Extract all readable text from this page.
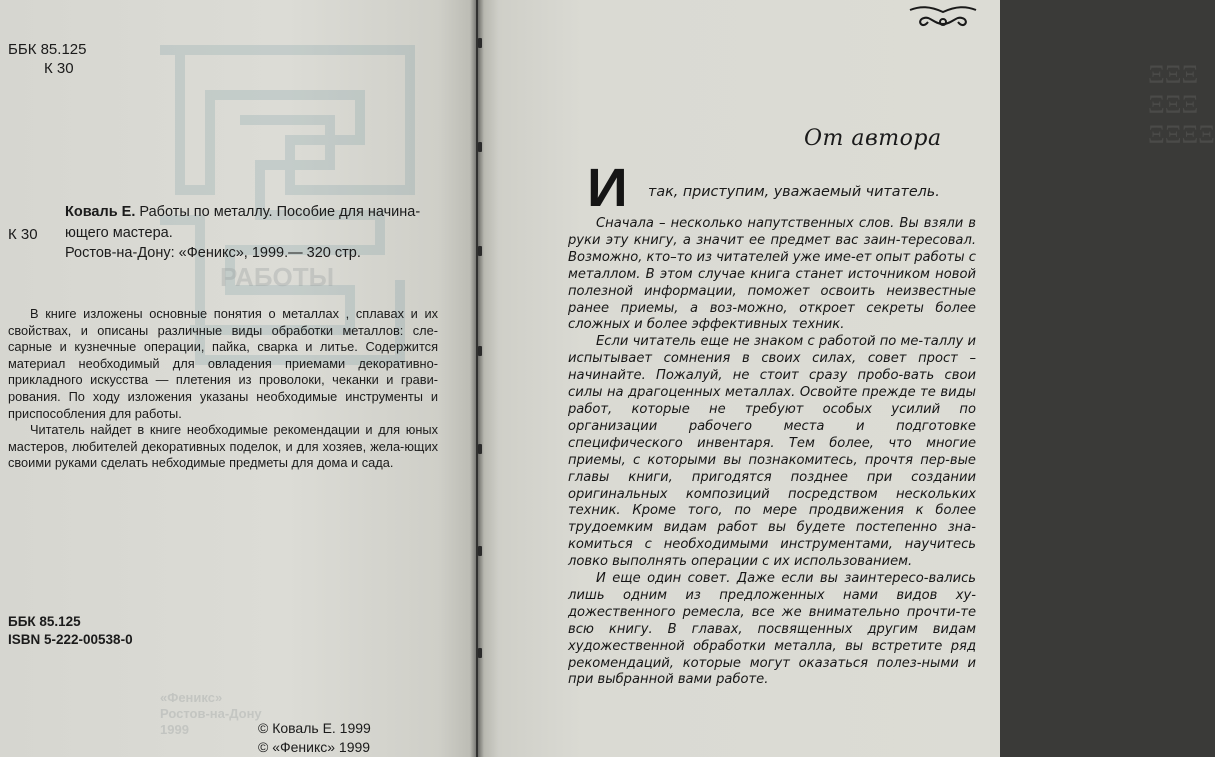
РАБОТЫ
«Феникс»
Ростов-на-Дону
1999
ББК 85.125
К 30
К 30
Коваль Е. Работы по металлу. Пособие для начина-
ющего мастера.
Ростов-на-Дону: «Феникс», 1999.— 320 стр.

В книге изложены основные понятия о металлах , сплавах и их свойствах, и описаны различные виды обработки металлов: сле-сарные и кузнечные операции, пайка, сварка и литье. Содержится материал необходимый для овладения приемами декоративно-прикладного искусства — плетения из проволоки, чеканки и грави-рования. По ходу изложения указаны необходимые инструменты и приспособления для работы.

Читатель найдет в книге необходимые рекомендации и для юных мастеров, любителей декоративных поделок, и для хозяев, жела-ющих своими руками сделать нeбходимые предметы для дома и сада.

ББК 85.125
ISBN 5-222-00538-0
© Коваль Е. 1999
© «Феникс» 1999
ΞΞΞ ΞΞΞ ΞΞΞΞ
От автора
И так, приступим, уважаемый читатель.

Сначала – несколько напутственных слов. Вы взяли в руки эту книгу, а значит ее предмет вас заин-тересовал. Возможно, кто–то из читателей уже име-ет опыт работы с металлом. В этом случае книга станет источником новой полезной информации, поможет освоить неизвестные ранее приемы, а воз-можно, откроет секреты более сложных и более эффективных техник.

Если читатель еще не знаком с работой по ме-таллу и испытывает сомнения в своих силах, совет прост – начинайте. Пожалуй, не стоит сразу пробо-вать свои силы на драгоценных металлах. Освойте прежде те виды работ, которые не требуют особых усилий по организации рабочего места и подготовке специфического инвентаря. Тем более, что многие приемы, с которыми вы познакомитесь, прочтя пер-вые главы книги, пригодятся позднее при создании оригинальных композиций посредством нескольких техник. Кроме того, по мере продвижения к более трудоемким видам работ вы будете постепенно зна-комиться с необходимыми инструментами, научитесь ловко выполнять операции с их использованием.

И еще один совет. Даже если вы заинтересо-вались лишь одним из предложенных нами видов ху-дожественного ремесла, все же внимательно прочти-те всю книгу. В главах, посвященных другим видам художественной обработки металла, вы встретите ряд рекомендаций, которые могут оказаться полез-ными и при выбранной вами работе.
